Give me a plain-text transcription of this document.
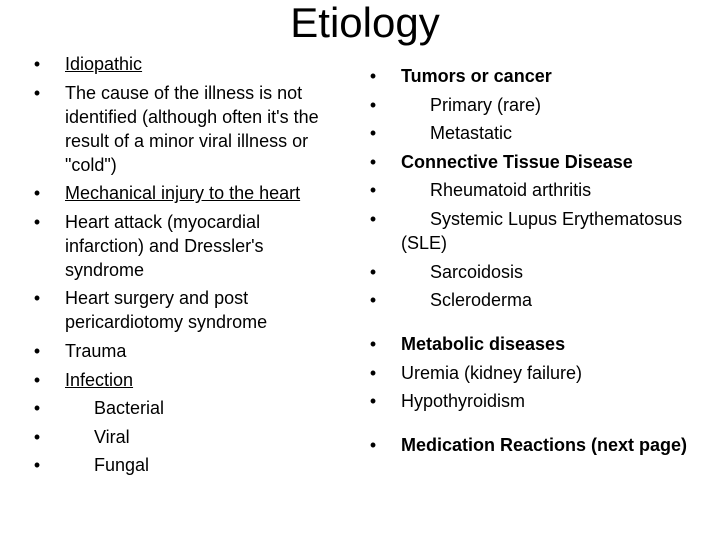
Etiology
• Idiopathic
• The cause of the illness is not identified (although often it's the result of a minor viral illness or "cold")
• Mechanical injury to the heart
• Heart attack (myocardial infarction) and Dressler's syndrome
• Heart surgery and post pericardiotomy syndrome
• Trauma
• Infection
• Bacterial
• Viral
• Fungal
• Tumors or cancer
• Primary (rare)
• Metastatic
• Connective Tissue Disease
• Rheumatoid arthritis
• Systemic Lupus Erythematosus (SLE)
• Sarcoidosis
• Scleroderma
• Metabolic diseases
• Uremia (kidney failure)
• Hypothyroidism
• Medication Reactions (next page)
